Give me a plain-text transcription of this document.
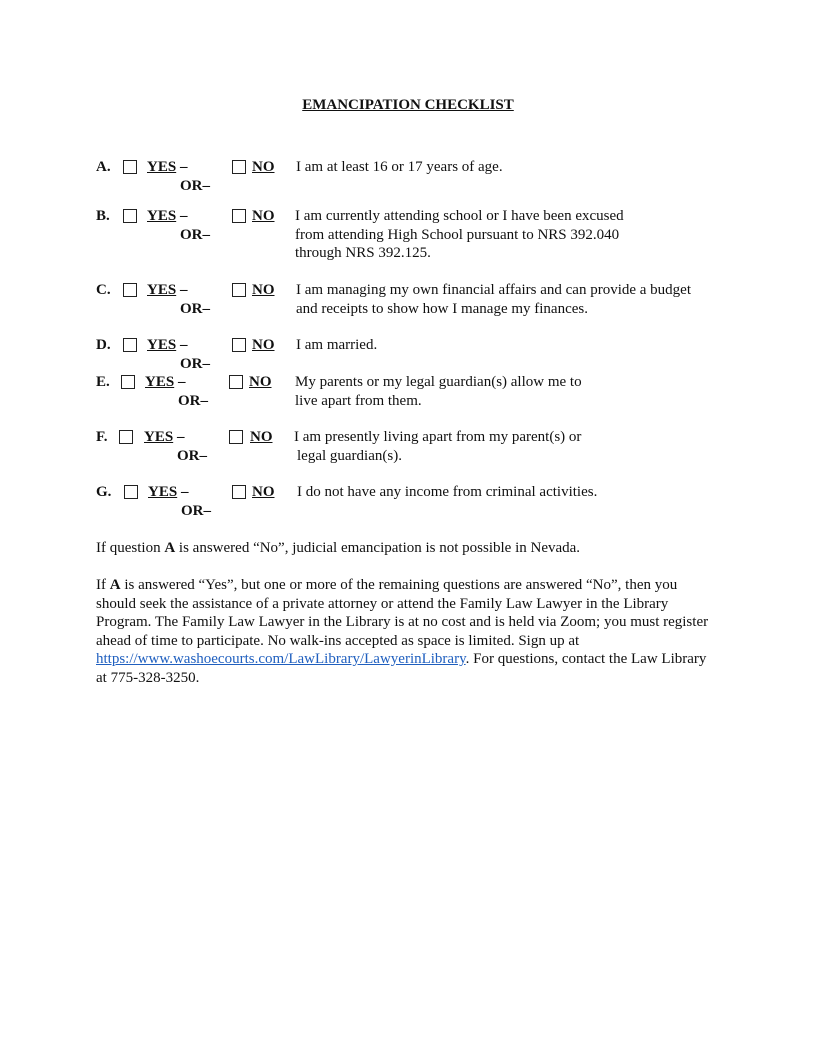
EMANCIPATION CHECKLIST
A. YES –OR–
NO I am at least 16 or 17 years of age.
B. YES –OR–
NO I am currently attending school or I have been excused
from attending High School pursuant to NRS 392.040
through NRS 392.125.
C. YES –OR–
NO I am managing my own financial affairs and can provide a budget
and receipts to show how I manage my finances.
D. YES –OR–
NO I am married.
E. YES –OR–
NO My parents or my legal guardian(s) allow me to
live apart from them.
F. YES –OR–
NO I am presently living apart from my parent(s) or
legal guardian(s).
G. YES –OR–
NO I do not have any income from criminal activities.
If question A is answered “No”, judicial emancipation is not possible in Nevada.
If A is answered “Yes”, but one or more of the remaining questions are answered “No”, then you should seek the assistance of a private attorney or attend the Family Law Lawyer in the Library Program. The Family Law Lawyer in the Library is at no cost and is held via Zoom; you must register ahead of time to participate. No walk-ins accepted as space is limited. Sign up at https://www.washoecourts.com/LawLibrary/LawyerinLibrary. For questions, contact the Law Library at 775-328-3250.
